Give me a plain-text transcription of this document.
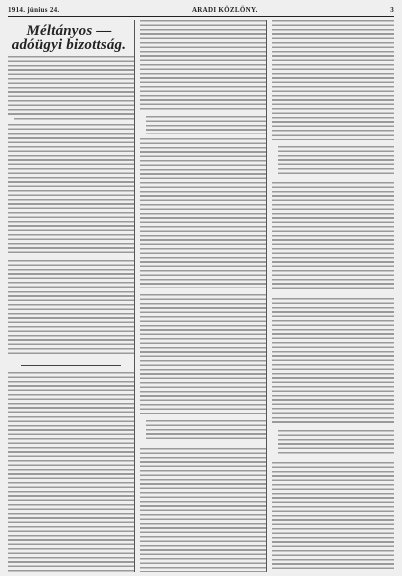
1914. június 24.	ARADI KÖZLÖNY.	3
Méltányos — adóügyi bizottság.
